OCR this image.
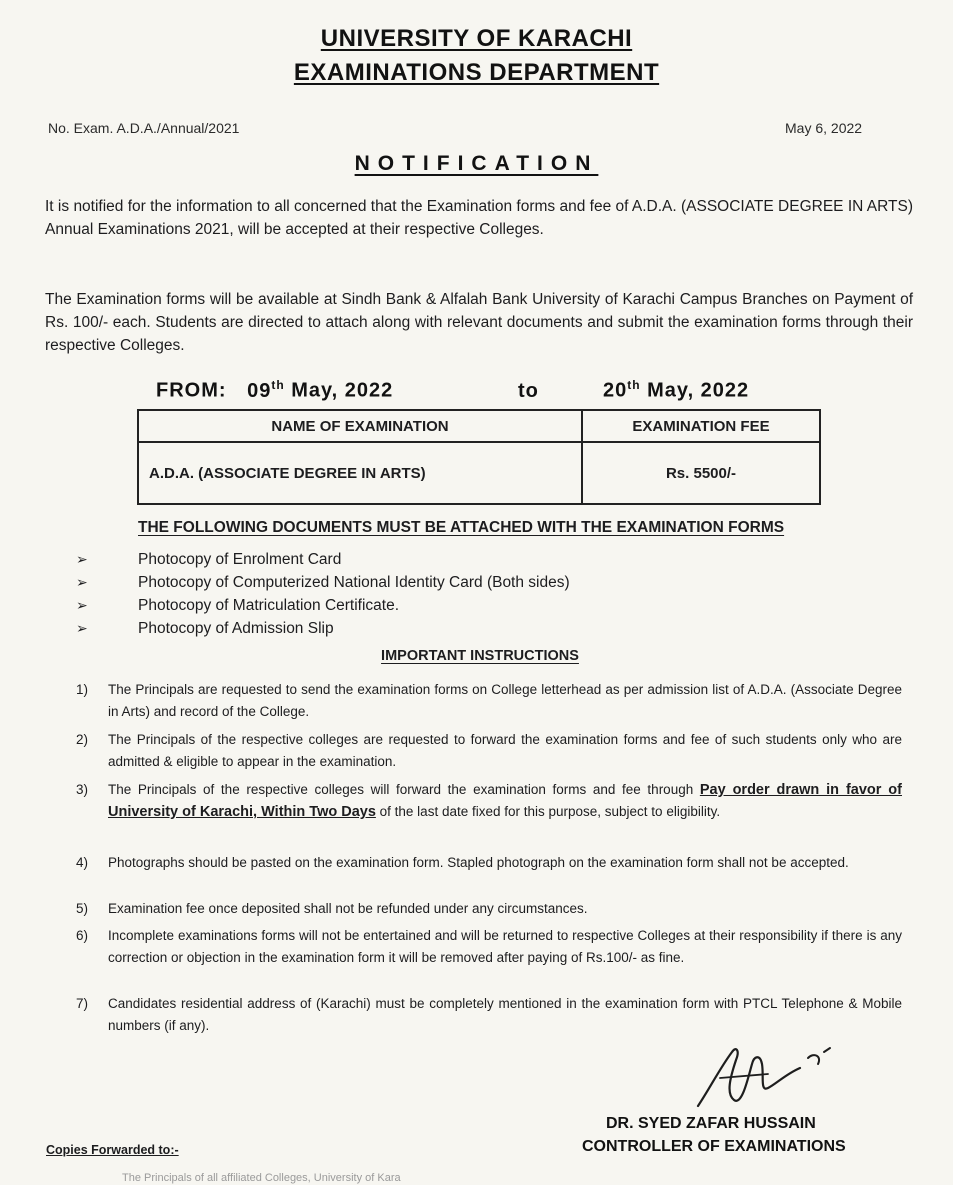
UNIVERSITY OF KARACHI
EXAMINATIONS DEPARTMENT
No. Exam. A.D.A./Annual/2021	May 6, 2022
NOTIFICATION
It is notified for the information to all concerned that the Examination forms and fee of A.D.A. (ASSOCIATE DEGREE IN ARTS) Annual Examinations 2021, will be accepted at their respective Colleges.
The Examination forms will be available at Sindh Bank & Alfalah Bank University of Karachi Campus Branches on Payment of Rs. 100/- each. Students are directed to attach along with relevant documents and submit the examination forms through their respective Colleges.
FROM: 09th May, 2022	to	20th May, 2022
NAME OF EXAMINATION	EXAMINATION FEE
A.D.A. (ASSOCIATE DEGREE IN ARTS)	Rs. 5500/-
THE FOLLOWING DOCUMENTS MUST BE ATTACHED WITH THE EXAMINATION FORMS
➢	Photocopy of Enrolment Card
➢	Photocopy of Computerized National Identity Card (Both sides)
➢	Photocopy of Matriculation Certificate.
➢	Photocopy of Admission Slip
IMPORTANT INSTRUCTIONS
1) The Principals are requested to send the examination forms on College letterhead as per admission list of A.D.A. (Associate Degree in Arts) and record of the College.
2) The Principals of the respective colleges are requested to forward the examination forms and fee of such students only who are admitted & eligible to appear in the examination.
3) The Principals of the respective colleges will forward the examination forms and fee through Pay order drawn in favor of University of Karachi, Within Two Days of the last date fixed for this purpose, subject to eligibility.
4) Photographs should be pasted on the examination form. Stapled photograph on the examination form shall not be accepted.
5) Examination fee once deposited shall not be refunded under any circumstances.
6) Incomplete examinations forms will not be entertained and will be returned to respective Colleges at their responsibility if there is any correction or objection in the examination form it will be removed after paying of Rs.100/- as fine.
7) Candidates residential address of (Karachi) must be completely mentioned in the examination form with PTCL Telephone & Mobile numbers (if any).
DR. SYED ZAFAR HUSSAIN
CONTROLLER OF EXAMINATIONS
Copies Forwarded to:-
The Principals of all affiliated Colleges, University of Kara
